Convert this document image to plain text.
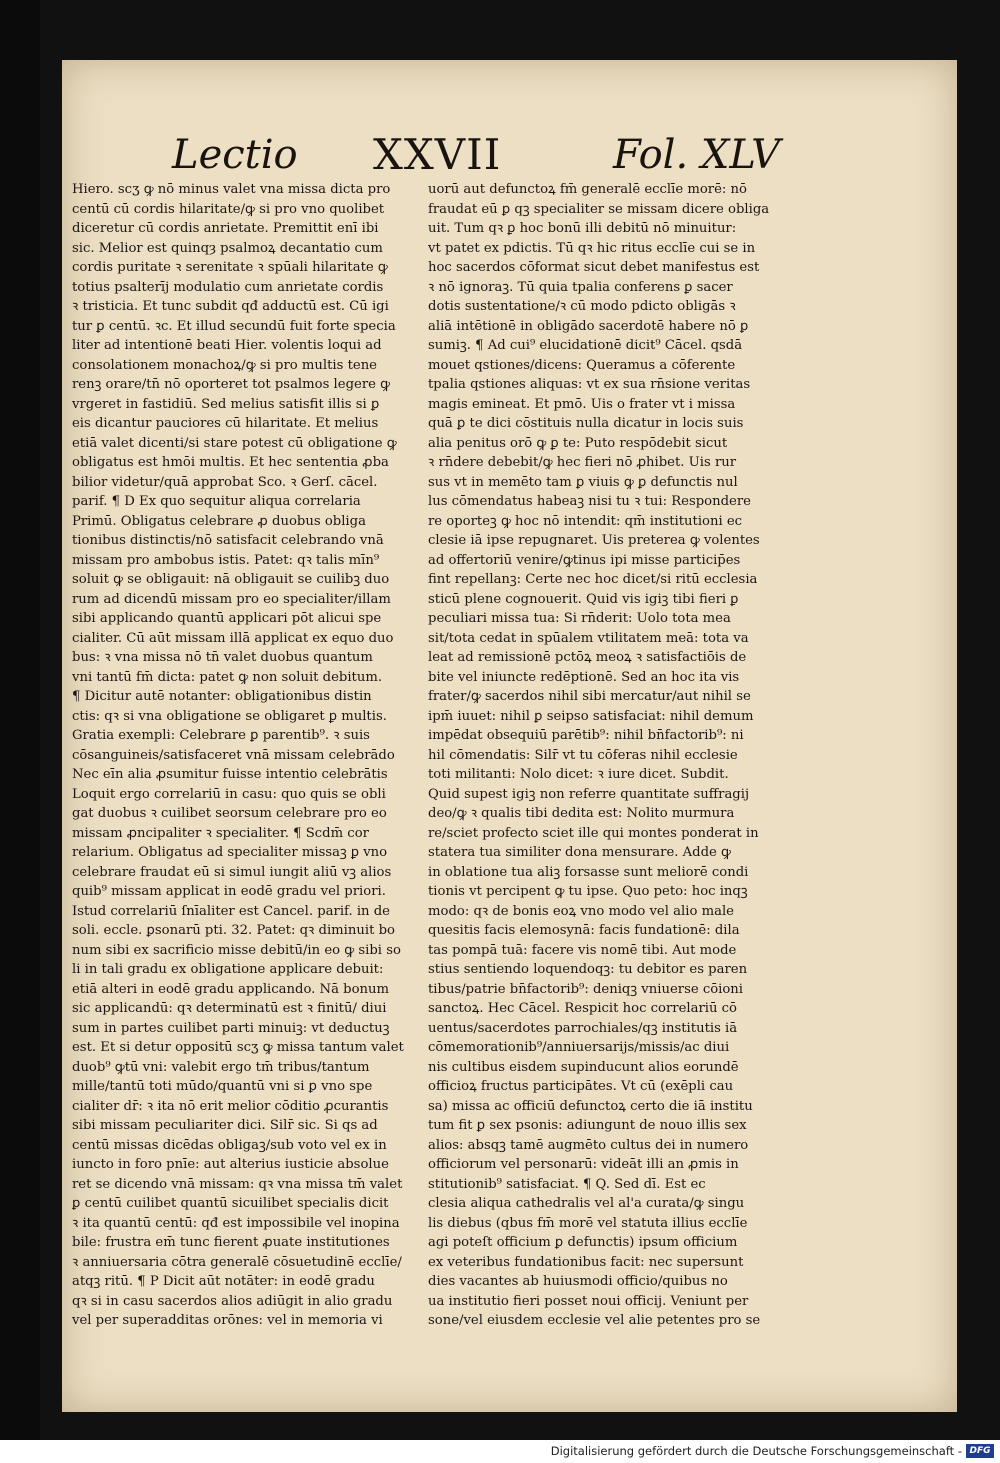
Lectio XXVII	Fol. XLV
Hiero. scʒ ꝙ nō minus valet vna missa dicta pro
centū cū cordis hilaritate/ꝙ si pro vno quolibet
diceretur cū cordis anrietate. Premittit enī ibi
sic. Melior est quinqȝ psalmoꝝ decantatio cum
cordis puritate ꝛ serenitate ꝛ spūali hilaritate ꝙ
totius psalterīj modulatio cum anrietate cordis
ꝛ tristicia. Et tunc subdit qđ adductū est. Cū igi
tur ꝑ centū. ꝛc. Et illud secundū fuit forte specia
liter ad intentionē beati Hier. volentis loqui ad
consolationem monachoꝝ/ꝙ si pro multis tene
renꝫ orare/tn̄ nō oporteret tot psalmos legere ꝙ
vrgeret in fastidiū. Sed melius satisfit illis si ꝑ
eis dicantur pauciores cū hilaritate. Et melius
etiā valet dicenti/si stare potest cū obligatione ꝙ
obligatus est hmōi multis. Et hec sententia ꝓba
bilior videtur/quā approbat Sco. ꝛ Gerſ. cācel.
parif. ¶ D Ex quo sequitur aliqua correlaria
Primū. Obligatus celebrare ꝓ duobus obliga
tionibus distinctis/nō satisfacit celebrando vnā
missam pro ambobus istis. Patet: qꝛ talis mīn⁹
soluit ꝙ se obligauit: nā obligauit se cuilibꝫ duo
rum ad dicendū missam pro eo specialiter/illam
sibi applicando quantū applicari pōt alicui spe
cialiter. Cū aūt missam illā applicat ex equo duo
bus: ꝛ vna missa nō tn̄ valet duobus quantum
vni tantū fm̄ dicta: patet ꝙ non soluit debitum.
¶ Dicitur autē notanter: obligationibus distin
ctis: qꝛ si vna obligatione se obligaret ꝑ multis.
Gratia exempli: Celebrare ꝑ parentib⁹. ꝛ suis
cōsanguineis/satisfaceret vnā missam celebrādo
Nec eīn alia ꝓsumitur fuisse intentio celebrātis
Loquit ergo correlariū in casu: quo quis se obli
gat duobus ꝛ cuilibet seorsum celebrare pro eo
missam ꝓncipaliter ꝛ specialiter. ¶ Scdm̄ cor
relarium. Obligatus ad specialiter missaꝫ ꝑ vno
celebrare fraudat eū si simul iungit aliū vꝫ alios
quib⁹ missam applicat in eodē gradu vel priori.
Istud correlariū ſnīaliter est Cancel. parif. in de
soli. eccle. ꝑsonarū pti. 32. Patet: qꝛ diminuit bo
num sibi ex sacrificio misse debitū/in eo ꝙ sibi so
li in tali gradu ex obligatione applicare debuit:
etiā alteri in eodē gradu applicando. Nā bonum
sic applicandū: qꝛ determinatū est ꝛ finitū/ diui
sum in partes cuilibet parti minuiꝫ: vt deductuꝫ
est. Et si detur oppositū scʒ ꝙ missa tantum valet
duob⁹ ꝙtū vni: valebit ergo tm̄ tribus/tantum
mille/tantū toti mūdo/quantū vni si ꝑ vno spe
cialiter dr̄: ꝛ ita nō erit melior cōditio ꝓcurantis
sibi missam peculiariter dici. Silr̄ sic. Si qs ad
centū missas dicēdas obligaꝫ/sub voto vel ex in
iuncto in foro pnīe: aut alterius iusticie absolue
ret se dicendo vnā missam: qꝛ vna missa tm̄ valet
ꝑ centū cuilibet quantū sicuilibet specialis dicit
ꝛ ita quantū centū: qđ est impossibile vel inopina
bile: frustra em̄ tunc fierent ꝓuate institutiones
ꝛ anniuersaria cōtra generalē cōsuetudinē ecclīe/
atqꝫ ritū. ¶ P Dicit aūt notāter: in eodē gradu
qꝛ si in casu sacerdos alios adiūgit in alio gradu
vel per superadditas orōnes: vel in memoria vi
uorū aut defunctoꝝ fm̄ generalē ecclīe morē: nō
fraudat eū ꝑ qꝫ specialiter se missam dicere obliga
uit. Tum qꝛ ꝑ hoc bonū illi debitū nō minuitur:
vt patet ex pdictis. Tū qꝛ hic ritus ecclīe cui se in
hoc sacerdos cōformat sicut debet manifestus est
ꝛ nō ignoraꝫ. Tū quia tpalia conferens ꝑ sacer
dotis sustentatione/ꝛ cū modo pdicto obligās ꝛ
aliā intētionē in obligādo sacerdotē habere nō ꝑ
sumiꝫ. ¶ Ad cui⁹ elucidationē dicit⁹ Cācel. qsdā
mouet qstiones/dicens: Queramus a cōferente
tpalia qstiones aliquas: vt ex sua rn̄sione veritas
magis emineat. Et pmō. Uis o frater vt i missa
quā ꝑ te dici cōstituis nulla dicatur in locis suis
alia penitus orō ꝙ ꝑ te: Puto respōdebit sicut
ꝛ rn̄dere debebit/ꝙ hec fieri nō ꝓhibet. Uis rur
sus vt in memēto tam ꝑ viuis ꝙ ꝑ defunctis nul
lus cōmendatus habeaꝫ nisi tu ꝛ tui: Respondere
re oporteꝫ ꝙ hoc nō intendit: qm̄ institutioni ec
clesie iā ipse repugnaret. Uis preterea ꝙ volentes
ad offertoriū venire/ꝙtinus ipi misse particip̄es
fint repellanꝫ: Certe nec hoc dicet/si ritū ecclesia
sticū plene cognouerit. Quid vis igiꝫ tibi fieri ꝑ
peculiari missa tua: Si rn̄derit: Uolo tota mea
sit/tota cedat in spūalem vtilitatem meā: tota va
leat ad remissionē pctōꝝ meoꝝ ꝛ satisfactiōis de
bite vel iniuncte redēptionē. Sed an hoc ita vis
frater/ꝙ sacerdos nihil sibi mercatur/aut nihil se
ipm̄ iuuet: nihil ꝑ seipso satisfaciat: nihil demum
impēdat obsequiū parētib⁹: nihil bn̄factorib⁹: ni
hil cōmendatis: Silr̄ vt tu cōferas nihil ecclesie
toti militanti: Nolo dicet: ꝛ iure dicet. Subdit.
Quid supest igiꝫ non referre quantitate suffragij
deo/ꝙ ꝛ qualis tibi dedita est: Nolito murmura
re/sciet profecto sciet ille qui montes ponderat in
statera tua similiter dona mensurare. Adde ꝙ
in oblatione tua aliꝫ forsasse sunt meliorē condi
tionis vt percipent ꝙ tu ipse. Quo peto: hoc inqꝫ
modo: qꝛ de bonis eoꝝ vno modo vel alio male
quesitis facis elemosynā: facis fundationē: dila
tas pompā tuā: facere vis nomē tibi. Aut mode
stius sentiendo loquendoqꝫ: tu debitor es paren
tibus/patrie bn̄factorib⁹: deniqꝫ vniuerse cōioni
sanctoꝝ. Hec Cācel. Respicit hoc correlariū cō
uentus/sacerdotes parrochiales/qꝫ institutis iā
cōmemorationib⁹/anniuersarijs/missis/ac diui
nis cultibus eisdem supinducunt alios eorundē
officioꝝ fructus participātes. Vt cū (exēpli cau
sa) missa ac officiū defunctoꝝ certo die iā institu
tum fit ꝑ sex psonis: adiungunt de nouo illis sex
alios: absqꝫ tamē augmēto cultus dei in numero
officiorum vel personarū: videāt illi an ꝓmis in
stitutionib⁹ satisfaciat. ¶ Q. Sed dī. Est ec
clesia aliqua cathedralis vel al'a curata/ꝙ singu
lis diebus (qbus fm̄ morē vel statuta illius ecclīe
agi poteſt officium ꝑ defunctis) ipsum officium
ex veteribus fundationibus facit: nec supersunt
dies vacantes ab huiusmodi officio/quibus no
ua institutio fieri posset noui officij. Veniunt per
sone/vel eiusdem ecclesie vel alie petentes pro se
Digitalisierung gefördert durch die Deutsche Forschungsgemeinschaft - DFG
